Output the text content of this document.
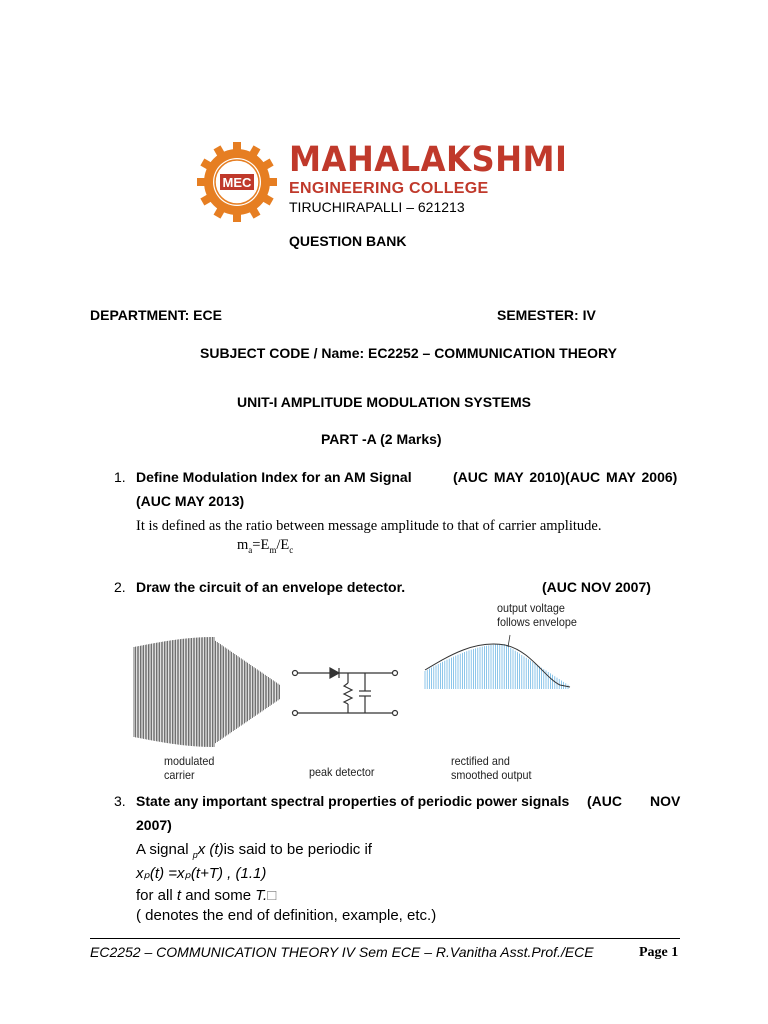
MEC
MAHALAKSHMI
ENGINEERING COLLEGE
TIRUCHIRAPALLI – 621213
QUESTION BANK
DEPARTMENT: ECE	SEMESTER: IV
SUBJECT CODE / Name: EC2252 – COMMUNICATION THEORY
UNIT-I AMPLITUDE MODULATION SYSTEMS
PART -A (2 Marks)
1. Define Modulation Index for an AM Signal	(AUC MAY 2010)(AUC MAY 2006)
(AUC MAY 2013)
It is defined as the ratio between message amplitude to that of carrier amplitude.
$m_a=E_m/E_c$
2. Draw the circuit of an envelope detector.	(AUC NOV 2007)
output voltage
follows envelope
modulated
carrier	peak detector
rectified and
smoothed output
3. State any important spectral properties of periodic power signals (AUC NOV
2007)
A signal $_p$x (t)is said to be periodic if
xₚ(t) =xₚ(t+T) , (1.1)
for all t and some T.□
( denotes the end of definition, example, etc.)
EC2252 – COMMUNICATION THEORY IV Sem ECE – R.Vanitha Asst.Prof./ECE	Page 1
